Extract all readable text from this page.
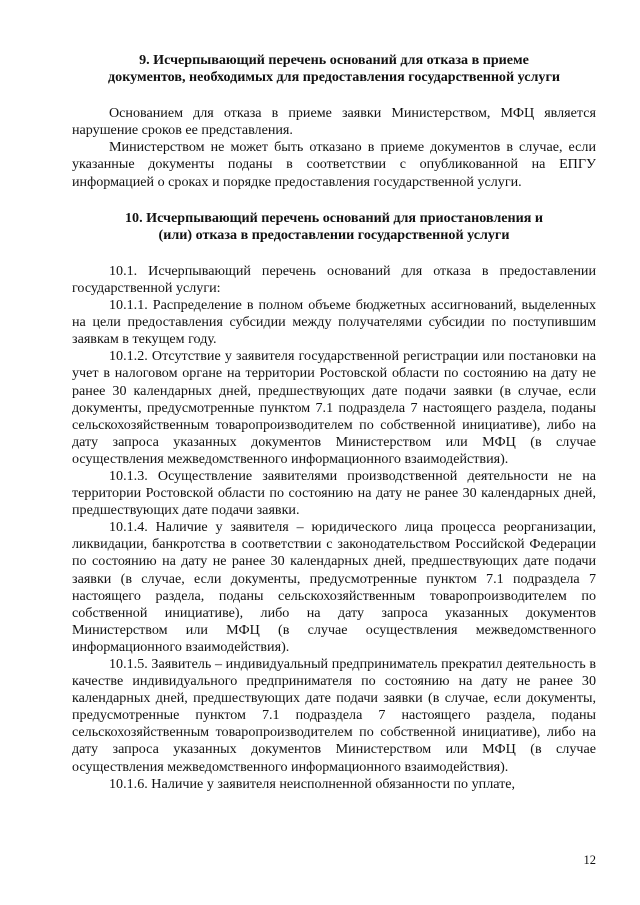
9. Исчерпывающий перечень оснований для отказа в приеме
документов, необходимых для предоставления государственной услуги

Основанием для отказа в приеме заявки Министерством, МФЦ является нарушение сроков ее представления.

Министерством не может быть отказано в приеме документов в случае, если указанные документы поданы в соответствии с опубликованной на ЕПГУ информацией о сроках и порядке предоставления государственной услуги.

10. Исчерпывающий перечень оснований для приостановления и
(или) отказа в предоставлении государственной услуги

10.1. Исчерпывающий перечень оснований для отказа в предоставлении государственной услуги:

10.1.1. Распределение в полном объеме бюджетных ассигнований, выделенных на цели предоставления субсидии между получателями субсидии по поступившим заявкам в текущем году.

10.1.2. Отсутствие у заявителя государственной регистрации или постановки на учет в налоговом органе на территории Ростовской области по состоянию на дату не ранее 30 календарных дней, предшествующих дате подачи заявки (в случае, если документы, предусмотренные пунктом 7.1 подраздела 7 настоящего раздела, поданы сельскохозяйственным товаропроизводителем по собственной инициативе), либо на дату запроса указанных документов Министерством или МФЦ (в случае осуществления межведомственного информационного взаимодействия).

10.1.3. Осуществление заявителями производственной деятельности не на территории Ростовской области по состоянию на дату не ранее 30 календарных дней, предшествующих дате подачи заявки.

10.1.4. Наличие у заявителя – юридического лица процесса реорганизации, ликвидации, банкротства в соответствии с законодательством Российской Федерации по состоянию на дату не ранее 30 календарных дней, предшествующих дате подачи заявки (в случае, если документы, предусмотренные пунктом 7.1 подраздела 7 настоящего раздела, поданы сельскохозяйственным товаропроизводителем по собственной инициативе), либо на дату запроса указанных документов Министерством или МФЦ (в случае осуществления межведомственного информационного взаимодействия).

10.1.5. Заявитель – индивидуальный предприниматель прекратил деятельность в качестве индивидуального предпринимателя по состоянию на дату не ранее 30 календарных дней, предшествующих дате подачи заявки (в случае, если документы, предусмотренные пунктом 7.1 подраздела 7 настоящего раздела, поданы сельскохозяйственным товаропроизводителем по собственной инициативе), либо на дату запроса указанных документов Министерством или МФЦ (в случае осуществления межведомственного информационного взаимодействия).

10.1.6. Наличие у заявителя неисполненной обязанности по уплате,

12
